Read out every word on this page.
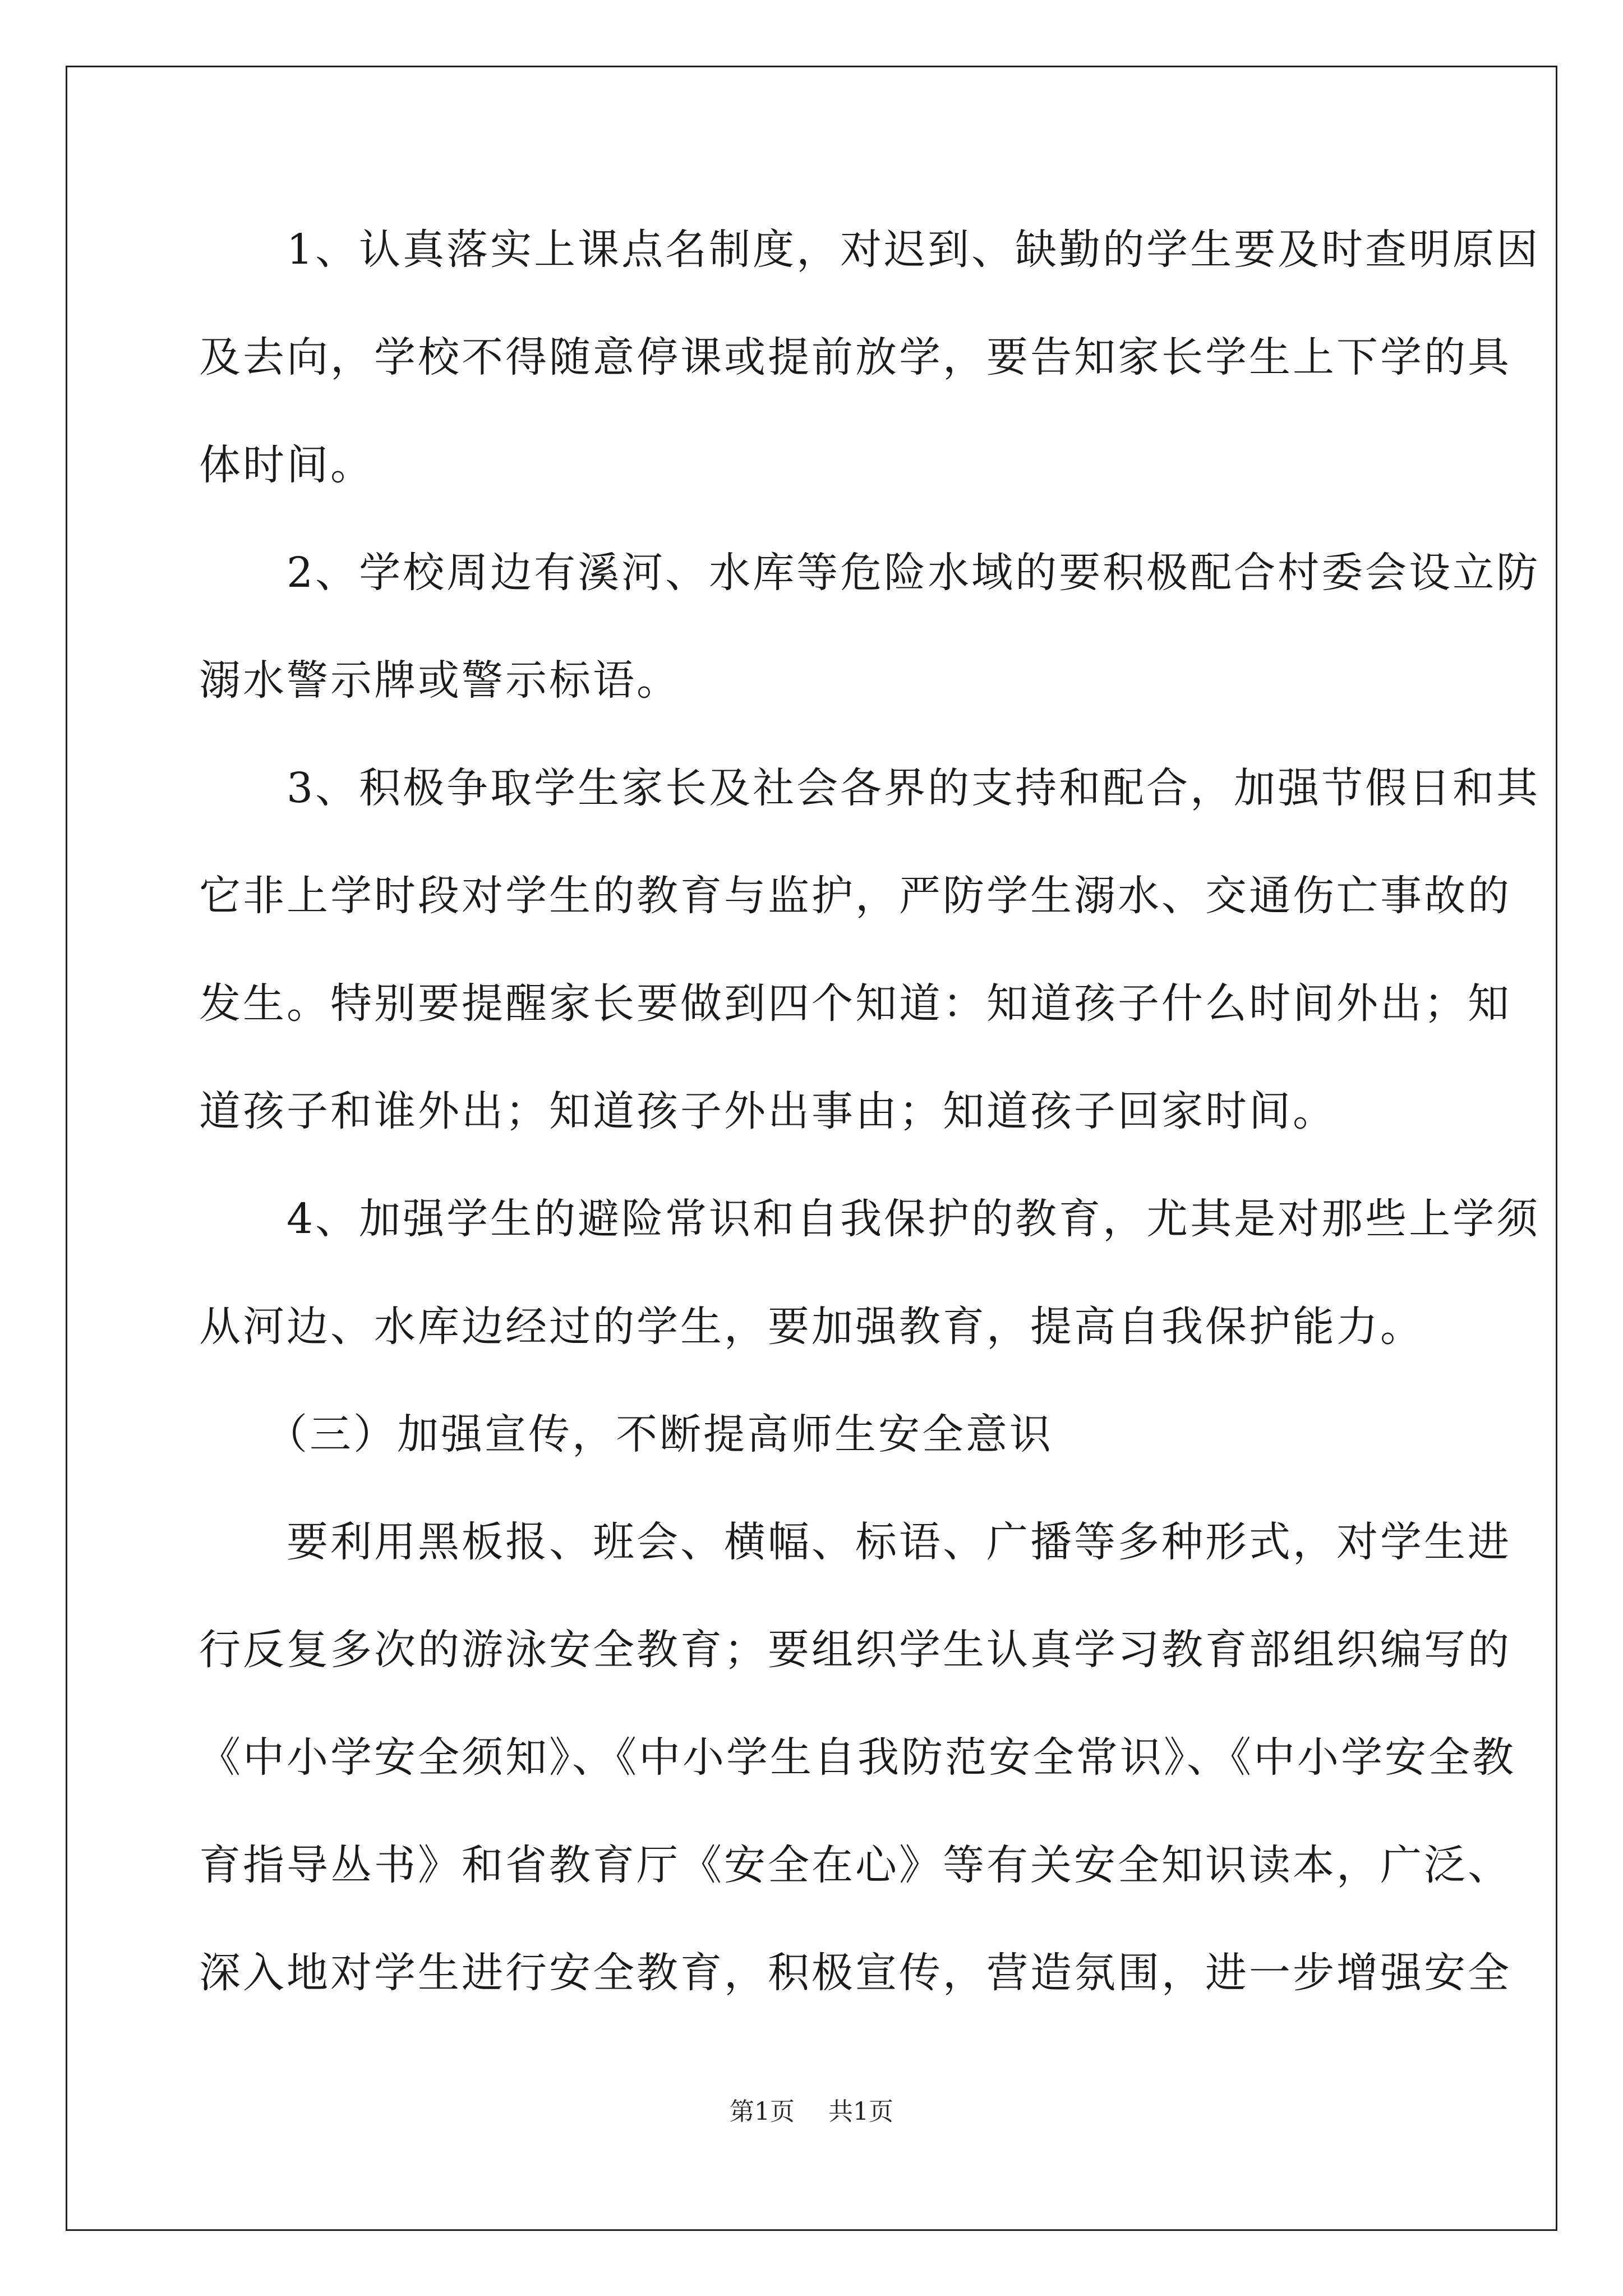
　　1、认真落实上课点名制度，对迟到、缺勤的学生要及时查明原因
及去向，学校不得随意停课或提前放学，要告知家长学生上下学的具
体时间。
　　2、学校周边有溪河、水库等危险水域的要积极配合村委会设立防
溺水警示牌或警示标语。
　　3、积极争取学生家长及社会各界的支持和配合，加强节假日和其
它非上学时段对学生的教育与监护，严防学生溺水、交通伤亡事故的
发生。特别要提醒家长要做到四个知道：知道孩子什么时间外出；知
道孩子和谁外出；知道孩子外出事由；知道孩子回家时间。
　　4、加强学生的避险常识和自我保护的教育，尤其是对那些上学须
从河边、水库边经过的学生，要加强教育，提高自我保护能力。
　　（三）加强宣传，不断提高师生安全意识
　　要利用黑板报、班会、横幅、标语、广播等多种形式，对学生进
行反复多次的游泳安全教育；要组织学生认真学习教育部组织编写的
《中小学安全须知》、《中小学生自我防范安全常识》、《中小学安全教
育指导丛书》和省教育厅《安全在心》等有关安全知识读本，广泛、
深入地对学生进行安全教育，积极宣传，营造氛围，进一步增强安全
第1页 共1页
